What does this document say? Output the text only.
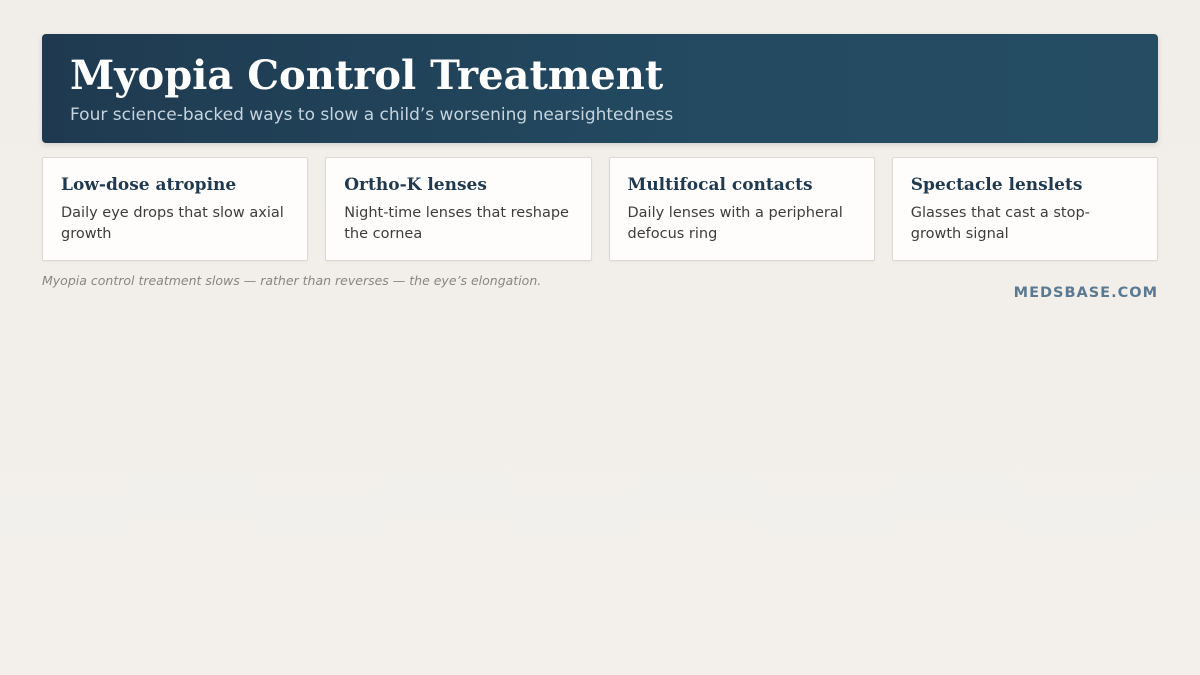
Myopia Control Treatment
Four science-backed ways to slow a child’s worsening nearsightedness
Low-dose atropine
Daily eye drops that slow axial growth
Ortho-K lenses
Night-time lenses that reshape the cornea
Multifocal contacts
Daily lenses with a peripheral defocus ring
Spectacle lenslets
Glasses that cast a stop-growth signal
Myopia control treatment slows — rather than reverses — the eye’s elongation.
MEDSBASE.COM
